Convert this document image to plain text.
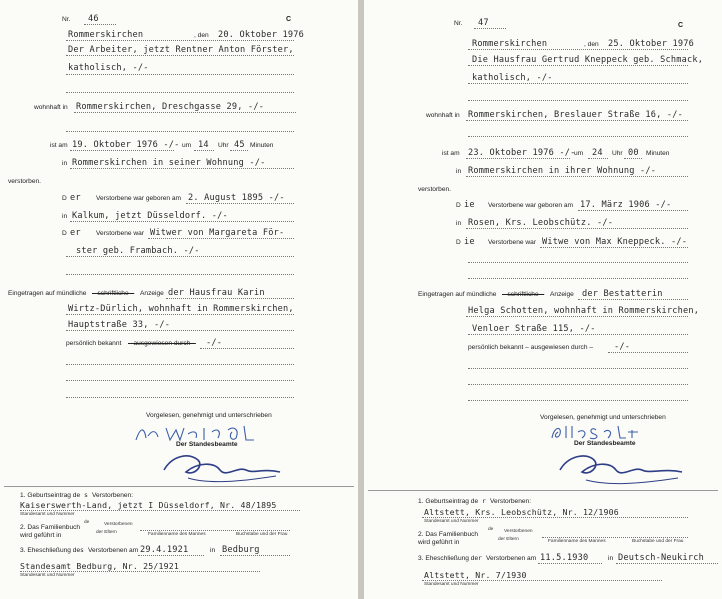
Nr. 46	C
Rommerskirchen	, den 20. Oktober 1976
Der Arbeiter, jetzt Rentner Anton Förster,
katholisch, -/-
wohnhaft in Rommerskirchen, Dreschgasse 29, -/-
ist am 19. Oktober 1976 -/- um 14 Uhr 45 Minuten
in Rommerskirchen in seiner Wohnung -/-
verstorben.
D er Verstorbene war geboren am 2. August 1895 -/-
in Kalkum, jetzt Düsseldorf. -/-
D er Verstorbene war Witwer von Margareta För-
ster geb. Frambach. -/-
Eingetragen auf mündliche – schriftliche – Anzeige der Hausfrau Karin
Wirtz-Dürlich, wohnhaft in Rommerskirchen,
Hauptstraße 33, -/-
persönlich bekannt – ausgewiesen durch – -/-
Vorgelesen, genehmigt und unterschrieben
Der Standesbeamte
1. Geburtseintrag de s Verstorbenen:
Kaiserswerth-Land, jetzt I Düsseldorf, Nr. 48/1895
Standesamt und Nummer
2. Das Familienbuch
wird geführt in
de	Verstorbenen
der Eltern	Familienname des Mannes	Buchstabe und der Frau
3. Eheschließung de s Verstorbenen am 29.4.1921	in Bedburg
Standesamt Bedburg, Nr. 25/1921
Standesamt und Nummer
Nr. 47	C
Rommerskirchen	, den 25. Oktober 1976
Die Hausfrau Gertrud Kneppeck geb. Schmack,
katholisch, -/-
wohnhaft in Rommerskirchen, Breslauer Straße 16, -/-
ist am 23. Oktober 1976 -/-
um 24 Uhr 00 Minuten
in Rommerskirchen in ihrer Wohnung -/-
verstorben.
D ie Verstorbene war geboren am 17. März 1906 -/-
in Rosen, Krs. Leobschütz. -/-
D ie Verstorbene war Witwe von Max Kneppeck. -/-
Eingetragen auf mündliche – schriftliche – Anzeige der Bestatterin
Helga Schotten, wohnhaft in Rommerskirchen,
Venloer Straße 115, -/-
persönlich bekannt – ausgewiesen durch – -/-
Vorgelesen, genehmigt und unterschrieben
Der Standesbeamte
1. Geburtseintrag de r Verstorbenen:
Altstett, Krs. Leobschütz, Nr. 12/1906
Standesamt und Nummer
2. Das Familienbuch
wird geführt in
de Verstorbenen
der Eltern	Familienname des Mannes	Buchstabe und der Frau
3. Eheschließung de r Verstorbenen am 11.5.1930	in Deutsch-Neukirch
Altstett, Nr. 7/1930
Standesamt und Nummer
